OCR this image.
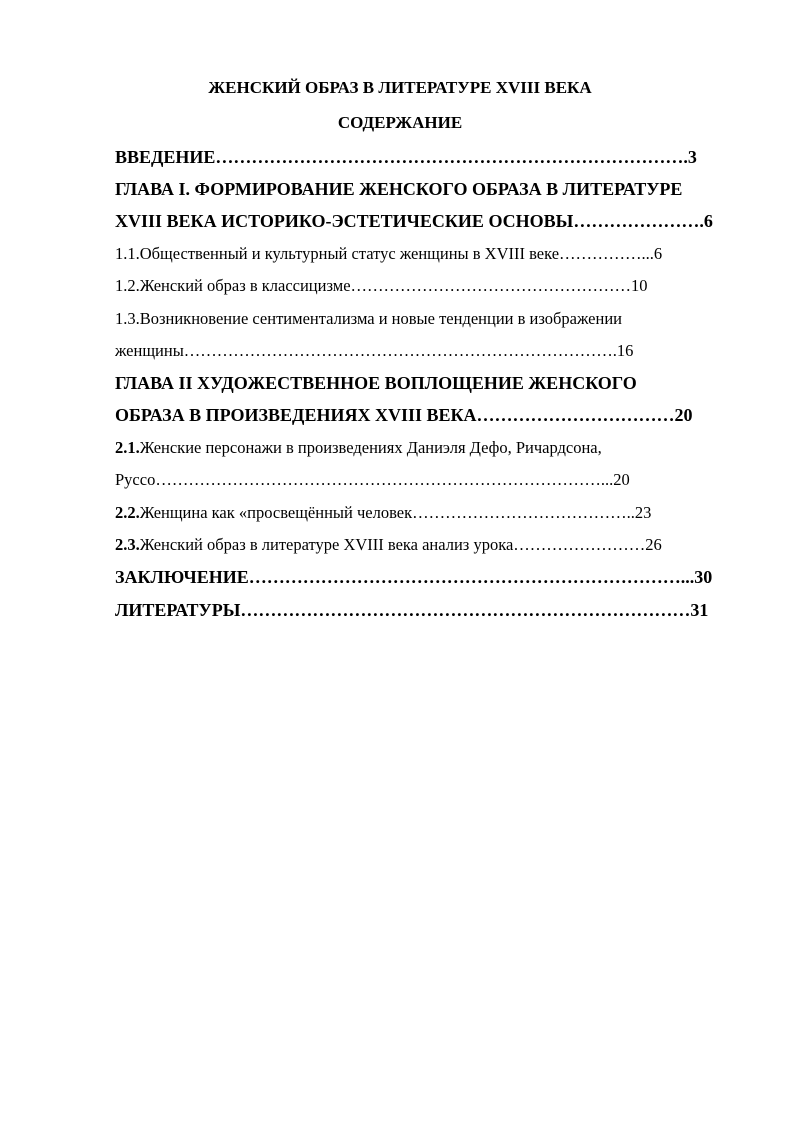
ЖЕНСКИЙ ОБРАЗ В ЛИТЕРАТУРЕ XVIII ВЕКА
СОДЕРЖАНИЕ
ВВЕДЕНИЕ…………………………………………………………………….3
ГЛАВА I. ФОРМИРОВАНИЕ ЖЕНСКОГО ОБРАЗА В ЛИТЕРАТУРЕ
XVIII ВЕКА ИСТОРИКО-ЭСТЕТИЧЕСКИЕ ОСНОВЫ………………….6
1.1.Общественный и культурный статус женщины в XVIII веке……………...6
1.2.Женский образ в классицизме……………………………………………10
1.3.Возникновение сентиментализма и новые тенденции в изображении
женщины…………………………………………………………………….16
ГЛАВА II ХУДОЖЕСТВЕННОЕ ВОПЛОЩЕНИЕ ЖЕНСКОГО
ОБРАЗА В ПРОИЗВЕДЕНИЯХ XVIII ВЕКА……………………………20
2.1.Женские персонажи в произведениях Даниэля Дефо, Ричардсона,
Руссо………………………………………………………………………...20
2.2.Женщина как «просвещённый человек…………………………………..23
2.3.Женский образ в литературе XVIII века анализ урока……………………26
ЗАКЛЮЧЕНИЕ………………………………………………………………...30
ЛИТЕРАТУРЫ…………………………………………………………………31
